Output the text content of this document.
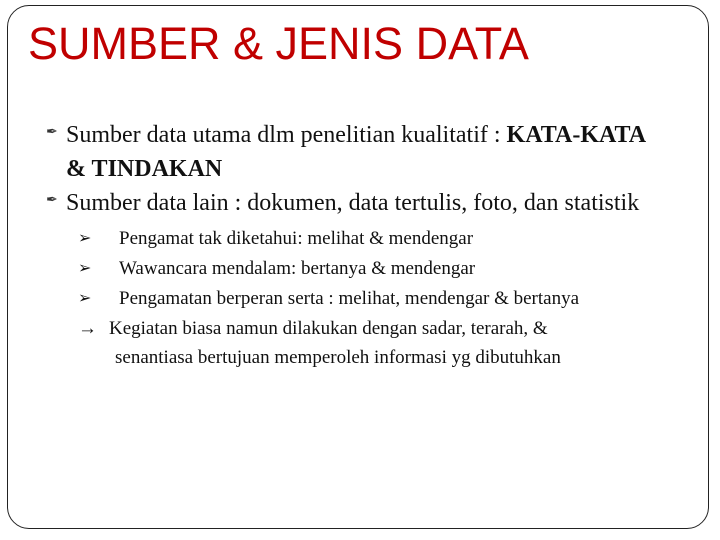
SUMBER & JENIS DATA

✒ Sumber data utama dlm penelitian kualitatif : KATA-KATA & TINDAKAN

✒ Sumber data lain : dokumen, data tertulis, foto, dan statistik

➢ Pengamat tak diketahui: melihat & mendengar
➢ Wawancara mendalam: bertanya & mendengar
➢ Pengamatan berperan serta : melihat, mendengar & bertanya
→ Kegiatan biasa namun dilakukan dengan sadar, terarah, &
senantiasa bertujuan memperoleh informasi yg dibutuhkan
